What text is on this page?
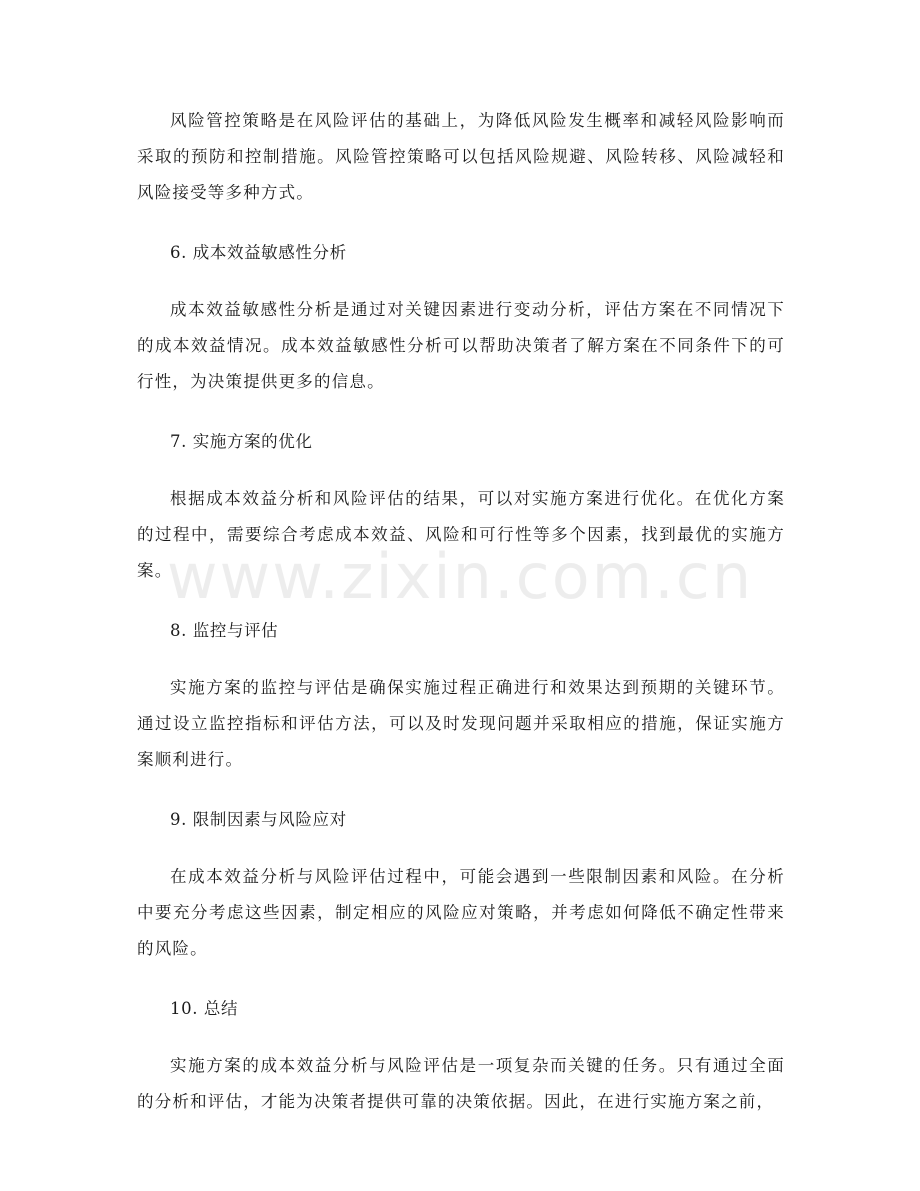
www.zixin.com.cn

风险管控策略是在风险评估的基础上，为降低风险发生概率和减轻风险影响而采取的预防和控制措施。风险管控策略可以包括风险规避、风险转移、风险减轻和风险接受等多种方式。

6. 成本效益敏感性分析

成本效益敏感性分析是通过对关键因素进行变动分析，评估方案在不同情况下的成本效益情况。成本效益敏感性分析可以帮助决策者了解方案在不同条件下的可行性，为决策提供更多的信息。

7. 实施方案的优化

根据成本效益分析和风险评估的结果，可以对实施方案进行优化。在优化方案的过程中，需要综合考虑成本效益、风险和可行性等多个因素，找到最优的实施方案。

8. 监控与评估

实施方案的监控与评估是确保实施过程正确进行和效果达到预期的关键环节。通过设立监控指标和评估方法，可以及时发现问题并采取相应的措施，保证实施方案顺利进行。

9. 限制因素与风险应对

在成本效益分析与风险评估过程中，可能会遇到一些限制因素和风险。在分析中要充分考虑这些因素，制定相应的风险应对策略，并考虑如何降低不确定性带来的风险。

10. 总结

实施方案的成本效益分析与风险评估是一项复杂而关键的任务。只有通过全面的分析和评估，才能为决策者提供可靠的决策依据。因此，在进行实施方案之前，
